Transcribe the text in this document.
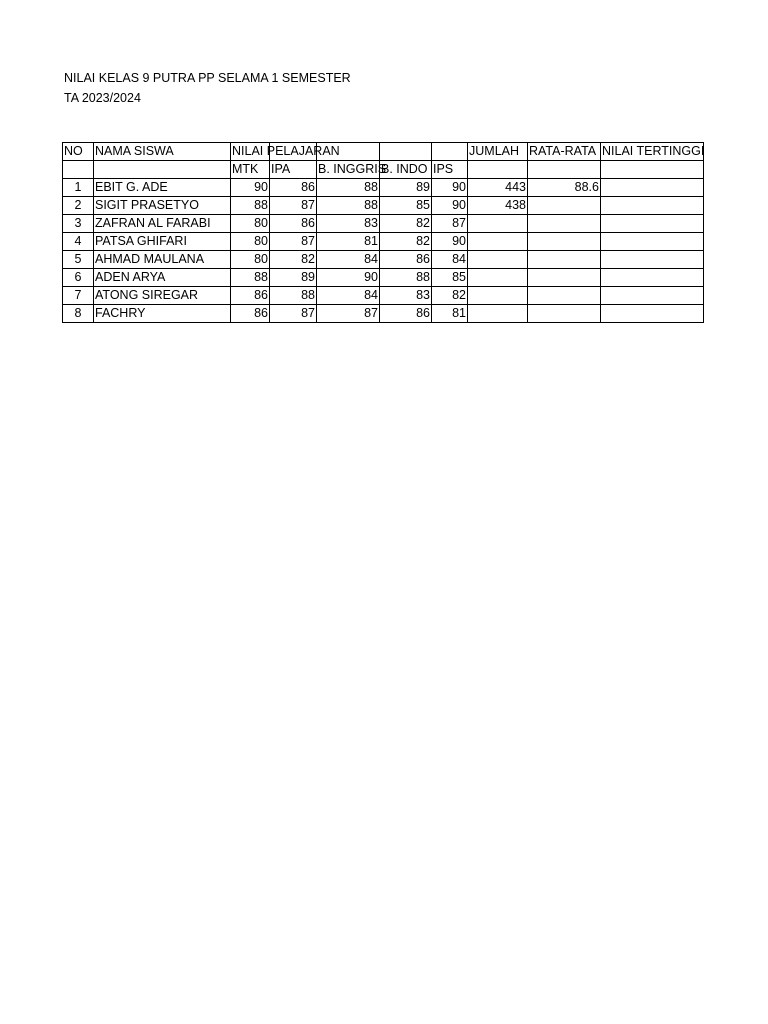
NILAI KELAS 9 PUTRA PP SELAMA 1 SEMESTER
TA 2023/2024
NO	NAMA SISWA	NILAI PELAJARAN					JUMLAH	RATA-RATA	NILAI TERTINGGI
		MTK	IPA	B. INGGRIS	B. INDO	IPS			
1	EBIT G. ADE	90	86	88	89	90	443	88.6	
2	SIGIT PRASETYO	88	87	88	85	90	438		
3	ZAFRAN AL FARABI	80	86	83	82	87			
4	PATSA GHIFARI	80	87	81	82	90			
5	AHMAD MAULANA	80	82	84	86	84			
6	ADEN ARYA	88	89	90	88	85			
7	ATONG SIREGAR	86	88	84	83	82			
8	FACHRY	86	87	87	86	81			
